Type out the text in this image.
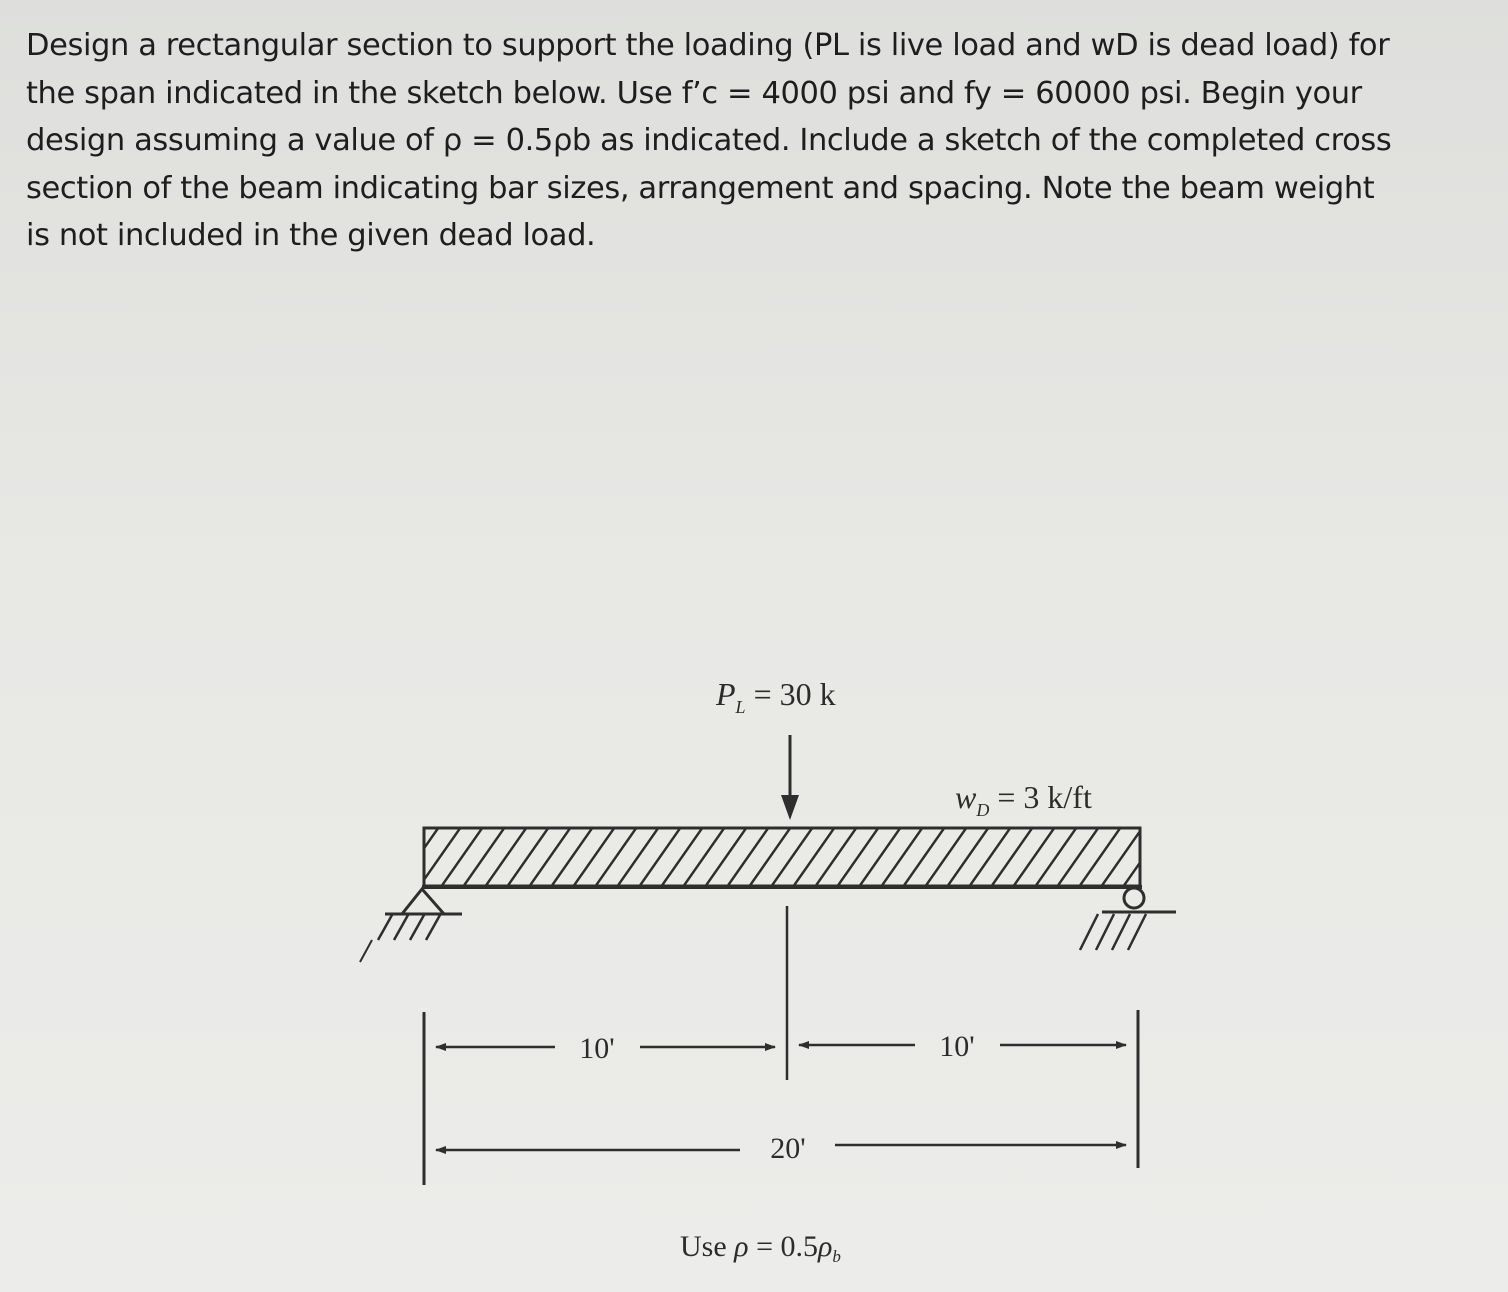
Design a rectangular section to support the loading (PL is live load and wD is dead load) for
the span indicated in the sketch below. Use f’c = 4000 psi and fy = 60000 psi. Begin your
design assuming a value of ρ = 0.5ρb as indicated. Include a sketch of the completed cross
section of the beam indicating bar sizes, arrangement and spacing. Note the beam weight
is not included in the given dead load.
$P_L = 30$ k
$w_D = 3$ k/ft
10'	10'
20'
Use $\rho = 0.5\rho_b$
